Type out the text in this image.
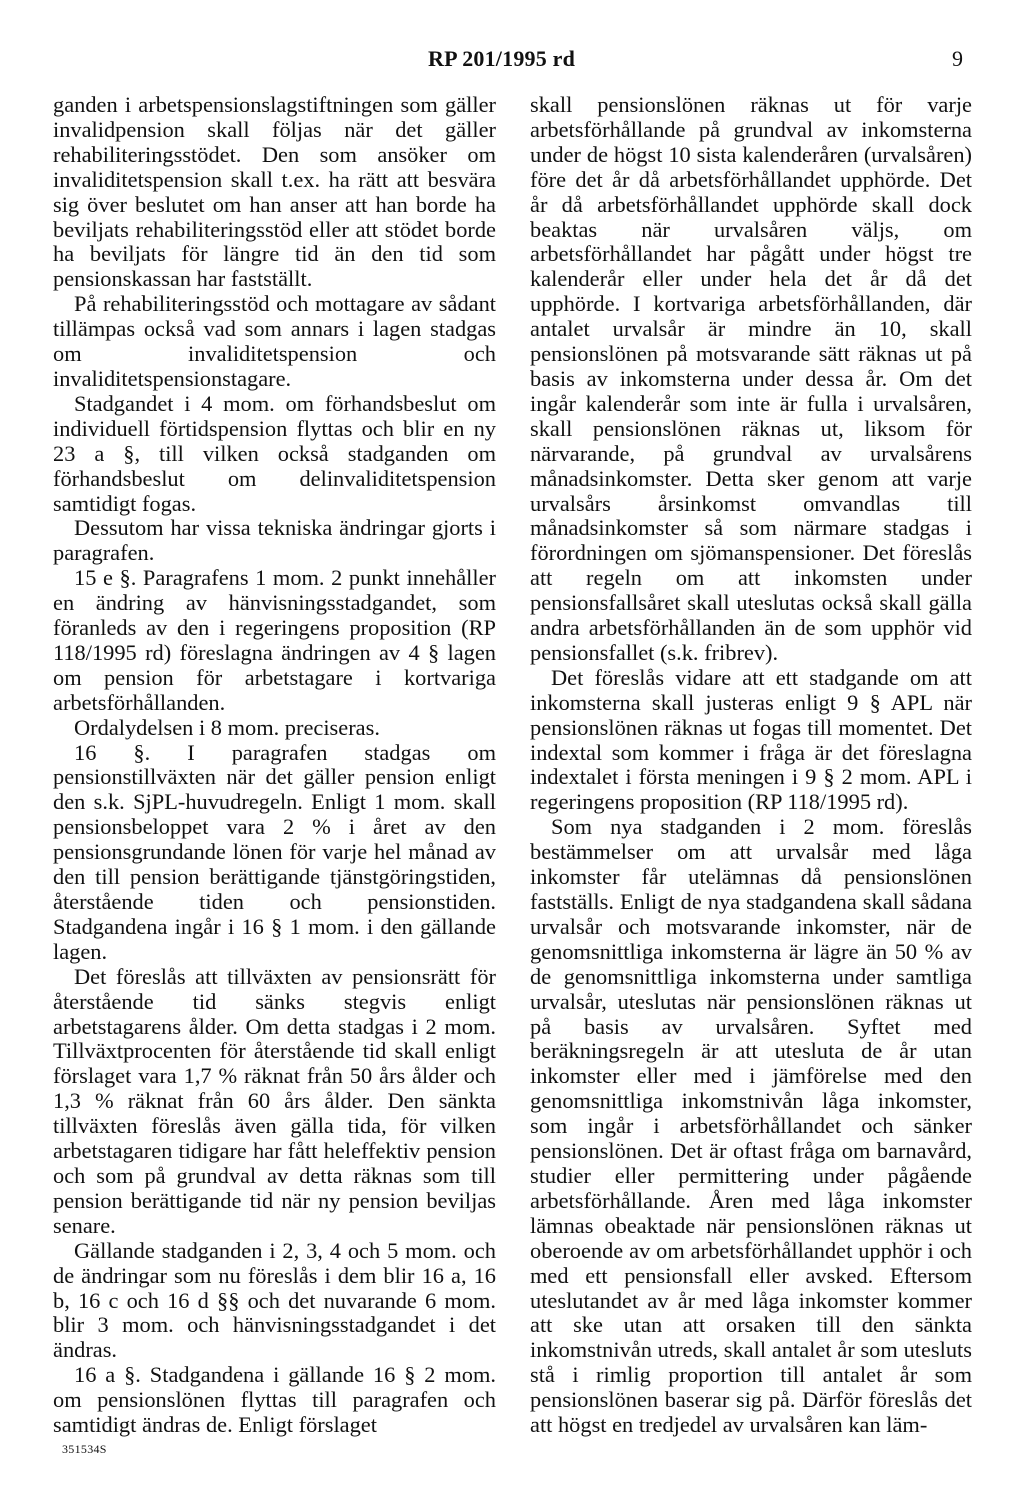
RP 201/1995 rd	9

ganden i arbetspensionslagstiftningen som gäller invalidpension skall följas när det gäller rehabiliteringsstödet. Den som ansöker om invaliditetspension skall t.ex. ha rätt att besvära sig över beslutet om han anser att han borde ha beviljats rehabiliteringsstöd eller att stödet borde ha beviljats för längre tid än den tid som pensionskassan har fastställt.

På rehabiliteringsstöd och mottagare av sådant tillämpas också vad som annars i lagen stadgas om invaliditetspension och invaliditetspensionstagare.

Stadgandet i 4 mom. om förhandsbeslut om individuell förtidspension flyttas och blir en ny 23 a §, till vilken också stadganden om förhandsbeslut om delinvaliditetspension samtidigt fogas.

Dessutom har vissa tekniska ändringar gjorts i paragrafen.

15 e §. Paragrafens 1 mom. 2 punkt innehåller en ändring av hänvisningsstadgandet, som föranleds av den i regeringens proposition (RP 118/1995 rd) föreslagna ändringen av 4 § lagen om pension för arbetstagare i kortvariga arbetsförhållanden.

Ordalydelsen i 8 mom. preciseras.

16 §. I paragrafen stadgas om pensionstillväxten när det gäller pension enligt den s.k. SjPL-huvudregeln. Enligt 1 mom. skall pensionsbeloppet vara 2 % i året av den pensionsgrundande lönen för varje hel månad av den till pension berättigande tjänstgöringstiden, återstående tiden och pensionstiden. Stadgandena ingår i 16 § 1 mom. i den gällande lagen.

Det föreslås att tillväxten av pensionsrätt för återstående tid sänks stegvis enligt arbetstagarens ålder. Om detta stadgas i 2 mom. Tillväxtprocenten för återstående tid skall enligt förslaget vara 1,7 % räknat från 50 års ålder och 1,3 % räknat från 60 års ålder. Den sänkta tillväxten föreslås även gälla tida, för vilken arbetstagaren tidigare har fått heleffektiv pension och som på grundval av detta räknas som till pension berättigande tid när ny pension beviljas senare.

Gällande stadganden i 2, 3, 4 och 5 mom. och de ändringar som nu föreslås i dem blir 16 a, 16 b, 16 c och 16 d §§ och det nuvarande 6 mom. blir 3 mom. och hänvisningsstadgandet i det ändras.

16 a §. Stadgandena i gällande 16 § 2 mom. om pensionslönen flyttas till paragrafen och samtidigt ändras de. Enligt förslaget

skall pensionslönen räknas ut för varje arbetsförhållande på grundval av inkomsterna under de högst 10 sista kalenderåren (urvalsåren) före det år då arbetsförhållandet upphörde. Det år då arbetsförhållandet upphörde skall dock beaktas när urvalsåren väljs, om arbetsförhållandet har pågått under högst tre kalenderår eller under hela det år då det upphörde. I kortvariga arbetsförhållanden, där antalet urvalsår är mindre än 10, skall pensionslönen på motsvarande sätt räknas ut på basis av inkomsterna under dessa år. Om det ingår kalenderår som inte är fulla i urvalsåren, skall pensionslönen räknas ut, liksom för närvarande, på grundval av urvalsårens månadsinkomster. Detta sker genom att varje urvalsårs årsinkomst omvandlas till månadsinkomster så som närmare stadgas i förordningen om sjömanspensioner. Det föreslås att regeln om att inkomsten under pensionsfallsåret skall uteslutas också skall gälla andra arbetsförhållanden än de som upphör vid pensionsfallet (s.k. fribrev).

Det föreslås vidare att ett stadgande om att inkomsterna skall justeras enligt 9 § APL när pensionslönen räknas ut fogas till momentet. Det indextal som kommer i fråga är det föreslagna indextalet i första meningen i 9 § 2 mom. APL i regeringens proposition (RP 118/1995 rd).

Som nya stadganden i 2 mom. föreslås bestämmelser om att urvalsår med låga inkomster får utelämnas då pensionslönen fastställs. Enligt de nya stadgandena skall sådana urvalsår och motsvarande inkomster, när de genomsnittliga inkomsterna är lägre än 50 % av de genomsnittliga inkomsterna under samtliga urvalsår, uteslutas när pensionslönen räknas ut på basis av urvalsåren. Syftet med beräkningsregeln är att utesluta de år utan inkomster eller med i jämförelse med den genomsnittliga inkomstnivån låga inkomster, som ingår i arbetsförhållandet och sänker pensionslönen. Det är oftast fråga om barnavård, studier eller permittering under pågående arbetsförhållande. Åren med låga inkomster lämnas obeaktade när pensionslönen räknas ut oberoende av om arbetsförhållandet upphör i och med ett pensionsfall eller avsked. Eftersom uteslutandet av år med låga inkomster kommer att ske utan att orsaken till den sänkta inkomstnivån utreds, skall antalet år som utesluts stå i rimlig proportion till antalet år som pensionslönen baserar sig på. Därför föreslås det att högst en tredjedel av urvalsåren kan läm-

351534S
